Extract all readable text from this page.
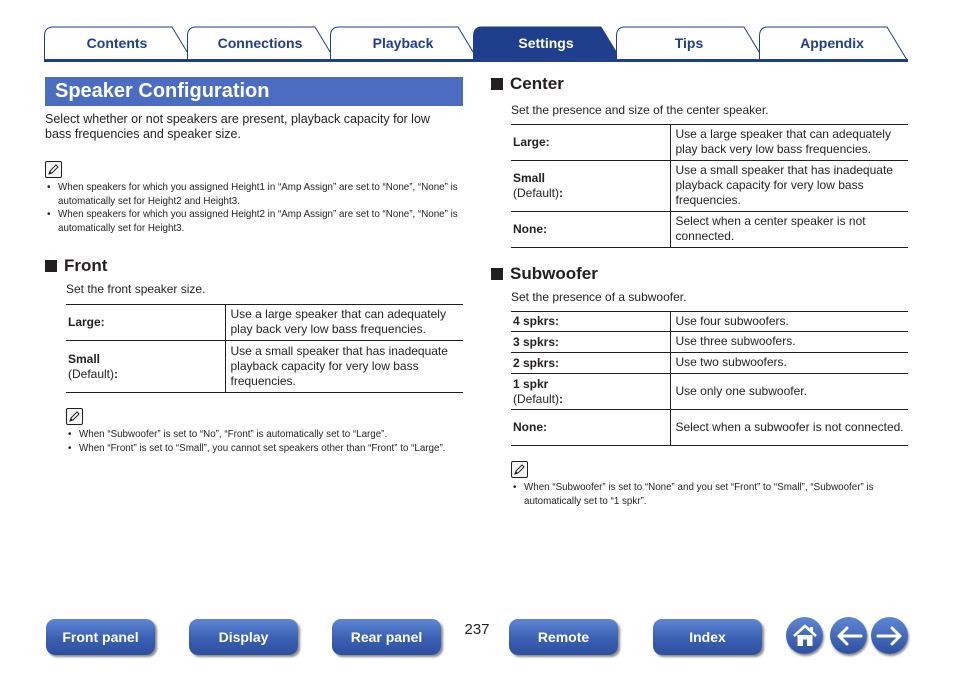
Contents	Connections	Playback	Settings	Tips	Appendix
Speaker Configuration

Select whether or not speakers are present, playback capacity for low bass frequencies and speaker size.

• When speakers for which you assigned Height1 in “Amp Assign” are set to “None”, “None” is automatically set for Height2 and Height3.
• When speakers for which you assigned Height2 in “Amp Assign” are set to “None”, “None” is automatically set for Height3.
Front

Set the front speaker size.

Large:	Use a large speaker that can adequately play back very low bass frequencies.
Small
(Default):	Use a small speaker that has inadequate playback capacity for very low bass frequencies.
• When “Subwoofer” is set to “No”, “Front” is automatically set to “Large”.
• When “Front” is set to “Small”, you cannot set speakers other than “Front” to “Large”.
Center

Set the presence and size of the center speaker.

Large:	Use a large speaker that can adequately play back very low bass frequencies.
Small
(Default):	Use a small speaker that has inadequate playback capacity for very low bass frequencies.
None:	Select when a center speaker is not connected.
Subwoofer

Set the presence of a subwoofer.

4 spkrs:	Use four subwoofers.
3 spkrs:	Use three subwoofers.
2 spkrs:	Use two subwoofers.
1 spkr
(Default):	Use only one subwoofer.
None:	Select when a subwoofer is not connected.
• When “Subwoofer” is set to “None” and you set “Front” to “Small”, “Subwoofer” is automatically set to “1 spkr”.
Front panel	Display	Rear panel	237	Remote	Index
